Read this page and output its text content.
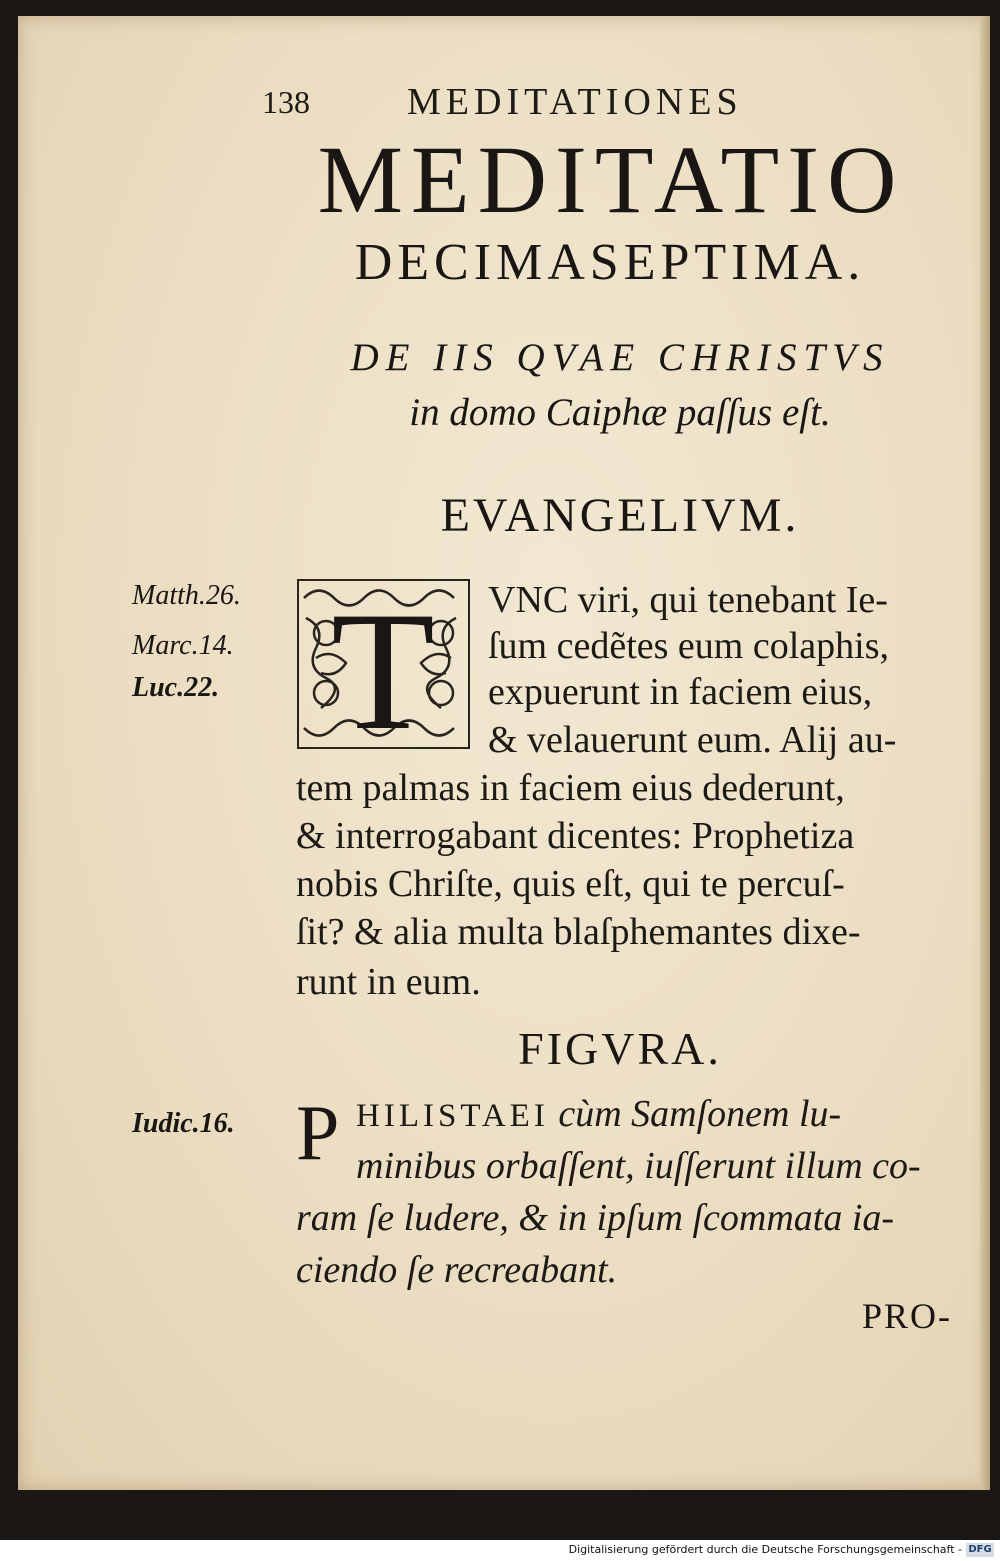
138	MEDITATIONES
MEDITATIO
DECIMASEPTIMA.
DE IIS QVAE CHRISTVS
in domo Caiphæ paſſus eſt.
EVANGELIVM.
Matth.26.
Marc.14.
Luc.22. T VNC viri, qui tenebant Ie-
ſum cedẽtes eum colaphis,
expuerunt in faciem eius,
& velauerunt eum. Alij au-
tem palmas in faciem eius dederunt,
& interrogabant dicentes: Prophetiza
nobis Chriſte, quis eſt, qui te percuſ-
ſit? & alia multa blaſphemantes dixe-
runt in eum.
FIGVRA.
Iudic.16. P HILISTAEI cùm Samſonem lu-
minibus orbaſſent, iuſſerunt illum co-
ram ſe ludere, & in ipſum ſcommata ia-
ciendo ſe recreabant.
PRO-
Digitalisierung gefördert durch die Deutsche Forschungsgemeinschaft - DFG
